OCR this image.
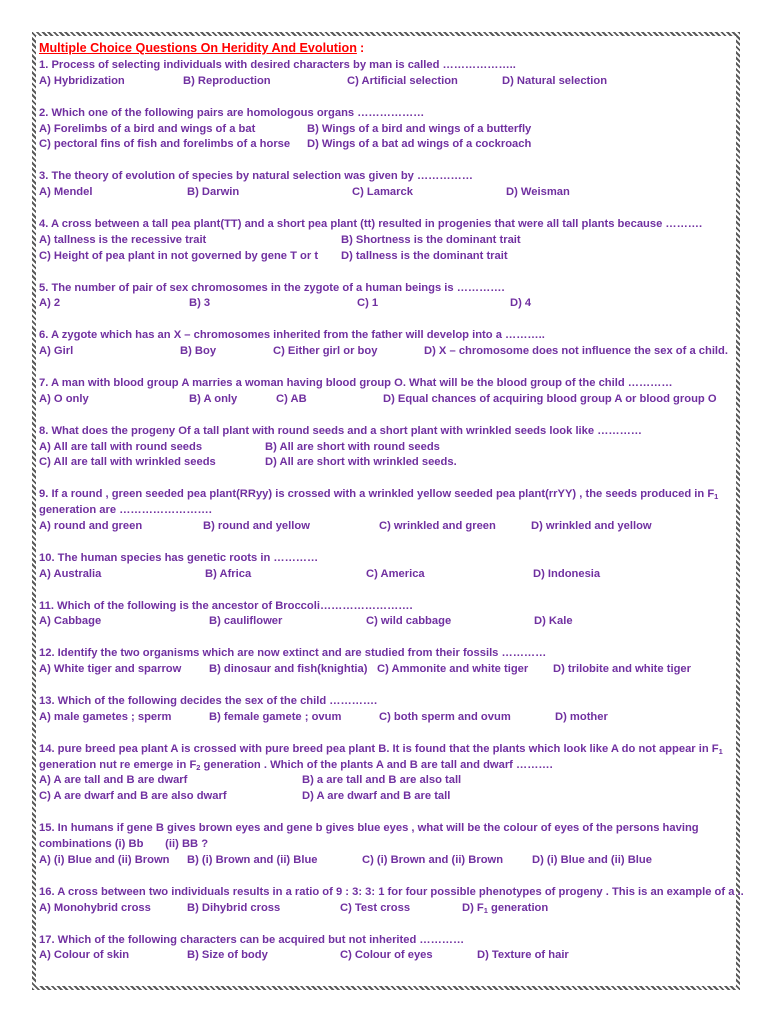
Multiple Choice Questions On Heridity And Evolution :

1. Process of selecting individuals with desired characters by man is called ………………..

A) Hybridization	B) Reproduction	C) Artificial selection	D) Natural selection

2. Which one of the following pairs are homologous organs ………………

A) Forelimbs of a bird and wings of a bat	B) Wings of a bird and wings of a butterfly
C) pectoral fins of fish and forelimbs of a horse	D) Wings of a bat ad wings of a cockroach

3. The theory of evolution of species by natural selection was given by ……………

A) Mendel	B) Darwin	C) Lamarck	D) Weisman

4. A cross between a tall pea plant(TT) and a short pea plant (tt) resulted in progenies that were all tall plants because ……….

A) tallness is the recessive trait	B) Shortness is the dominant trait
C) Height of pea plant in not governed by gene T or t	D) tallness is the dominant trait

5. The number of pair of sex chromosomes in the zygote of a human beings is ………….

A) 2	B) 3	C) 1	D) 4

6. A zygote which has an X – chromosomes inherited from the father will develop into a ………..

A) Girl	B) Boy	C) Either girl or boy	D) X – chromosome does not influence the sex of a child.

7. A man with blood group A marries a woman having blood group O. What will be the blood group of the child …………

A) O only	B) A only	C) AB	D) Equal chances of acquiring blood group A or blood group O

8. What does the progeny Of a tall plant with round seeds and a short plant with wrinkled seeds look like …………

A) All are tall with round seeds	B) All are short with round seeds
C) All are tall with wrinkled seeds	D) All are short with wrinkled seeds.

9. If a round , green seeded pea plant(RRyy) is crossed with a wrinkled yellow seeded pea plant(rrYY) , the seeds produced in $F_1$ generation are …………………….

A) round and green	B) round and yellow	C) wrinkled and green	D) wrinkled and yellow

10. The human species has genetic roots in …………

A) Australia	B) Africa	C) America	D) Indonesia

11. Which of the following is the ancestor of Broccoli…………………….

A) Cabbage	B) cauliflower	C) wild cabbage	D) Kale

12. Identify the two organisms which are now extinct and are studied from their fossils …………

A) White tiger and sparrow	B) dinosaur and fish(knightia) C) Ammonite and white tiger	D) trilobite and white tiger

13. Which of the following decides the sex of the child ………….

A) male gametes ; sperm	B) female gamete ; ovum	C) both sperm and ovum	D) mother

14. pure breed pea plant A is crossed with pure breed pea plant B. It is found that the plants which look like A do not appear in $F_1$ generation nut re emerge in $F_2$ generation . Which of the plants A and B are tall and dwarf ……….

A) A are tall and B are dwarf	B) a are tall and B are also tall
C) A are dwarf and B are also dwarf	D) A are dwarf and B are tall

15. In humans if gene B gives brown eyes and gene b gives blue eyes , what will be the colour of eyes of the persons having combinations (i) Bb       (ii) BB ?

A) (i) Blue and (ii) Brown	B) (i) Brown and (ii) Blue	C) (i) Brown and (ii) Brown	D) (i) Blue and (ii) Blue

16. A cross between two individuals results in a ratio of 9 : 3: 3: 1 for four possible phenotypes of progeny . This is an example of a ..

A) Monohybrid cross	B) Dihybrid cross	C) Test cross	D) $F_1$ generation

17. Which of the following characters can be acquired but not inherited …………

A) Colour of skin	B) Size of body	C) Colour of eyes	D) Texture of hair
